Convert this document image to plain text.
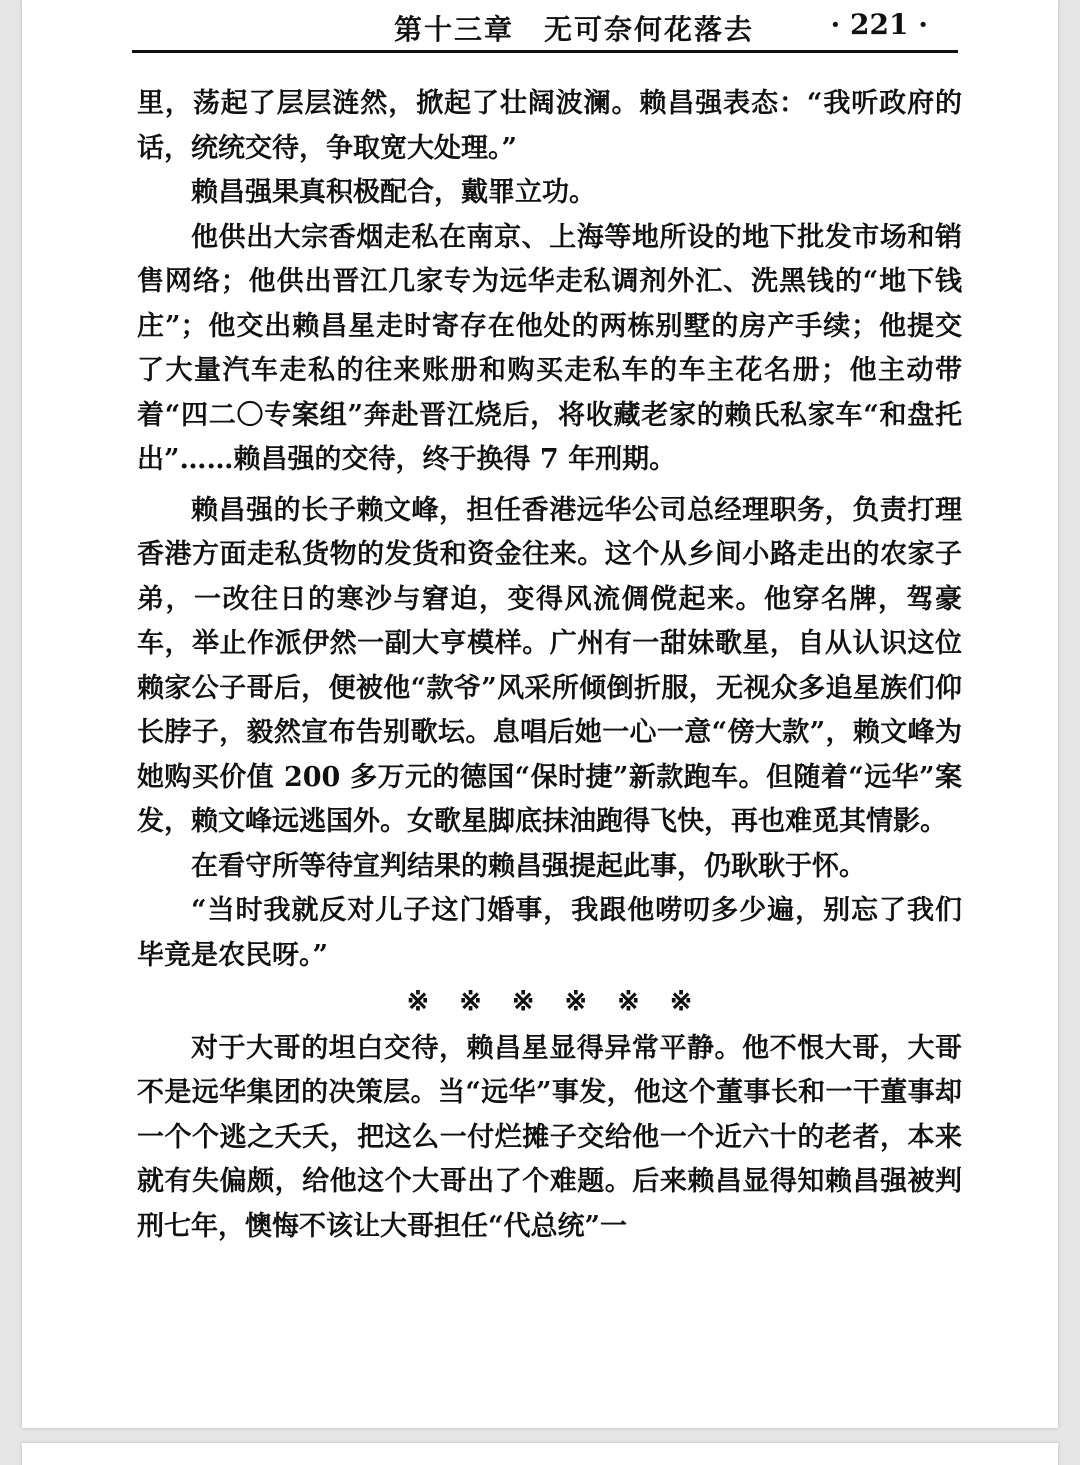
第十三章　无可奈何花落去	· 221 ·

里，荡起了层层涟然，掀起了壮阔波澜。赖昌强表态：“我听政府的话，统统交待，争取宽大处理。”

赖昌强果真积极配合，戴罪立功。

他供出大宗香烟走私在南京、上海等地所设的地下批发市场和销售网络；他供出晋江几家专为远华走私调剂外汇、洗黑钱的“地下钱庄”；他交出赖昌星走时寄存在他处的两栋别墅的房产手续；他提交了大量汽车走私的往来账册和购买走私车的车主花名册；他主动带着“四二〇专案组”奔赴晋江烧后，将收藏老家的赖氏私家车“和盘托出”……赖昌强的交待，终于换得 7 年刑期。

赖昌强的长子赖文峰，担任香港远华公司总经理职务，负责打理香港方面走私货物的发货和资金往来。这个从乡间小路走出的农家子弟，一改往日的寒沙与窘迫，变得风流倜傥起来。他穿名牌，驾豪车，举止作派伊然一副大亨模样。广州有一甜妹歌星，自从认识这位赖家公子哥后，便被他“款爷”风采所倾倒折服，无视众多追星族们仰长脖子，毅然宣布告别歌坛。息唱后她一心一意“傍大款”，赖文峰为她购买价值 200 多万元的德国“保时捷”新款跑车。但随着“远华”案发，赖文峰远逃国外。女歌星脚底抹油跑得飞快，再也难觅其情影。

在看守所等待宣判结果的赖昌强提起此事，仍耿耿于怀。

“当时我就反对儿子这门婚事，我跟他唠叨多少遍，别忘了我们毕竟是农民呀。”

※※※※※※

对于大哥的坦白交待，赖昌星显得异常平静。他不恨大哥，大哥不是远华集团的决策层。当“远华”事发，他这个董事长和一干董事却一个个逃之夭夭，把这么一付烂摊子交给他一个近六十的老者，本来就有失偏颇，给他这个大哥出了个难题。后来赖昌显得知赖昌强被判刑七年，懊悔不该让大哥担任“代总统”一
